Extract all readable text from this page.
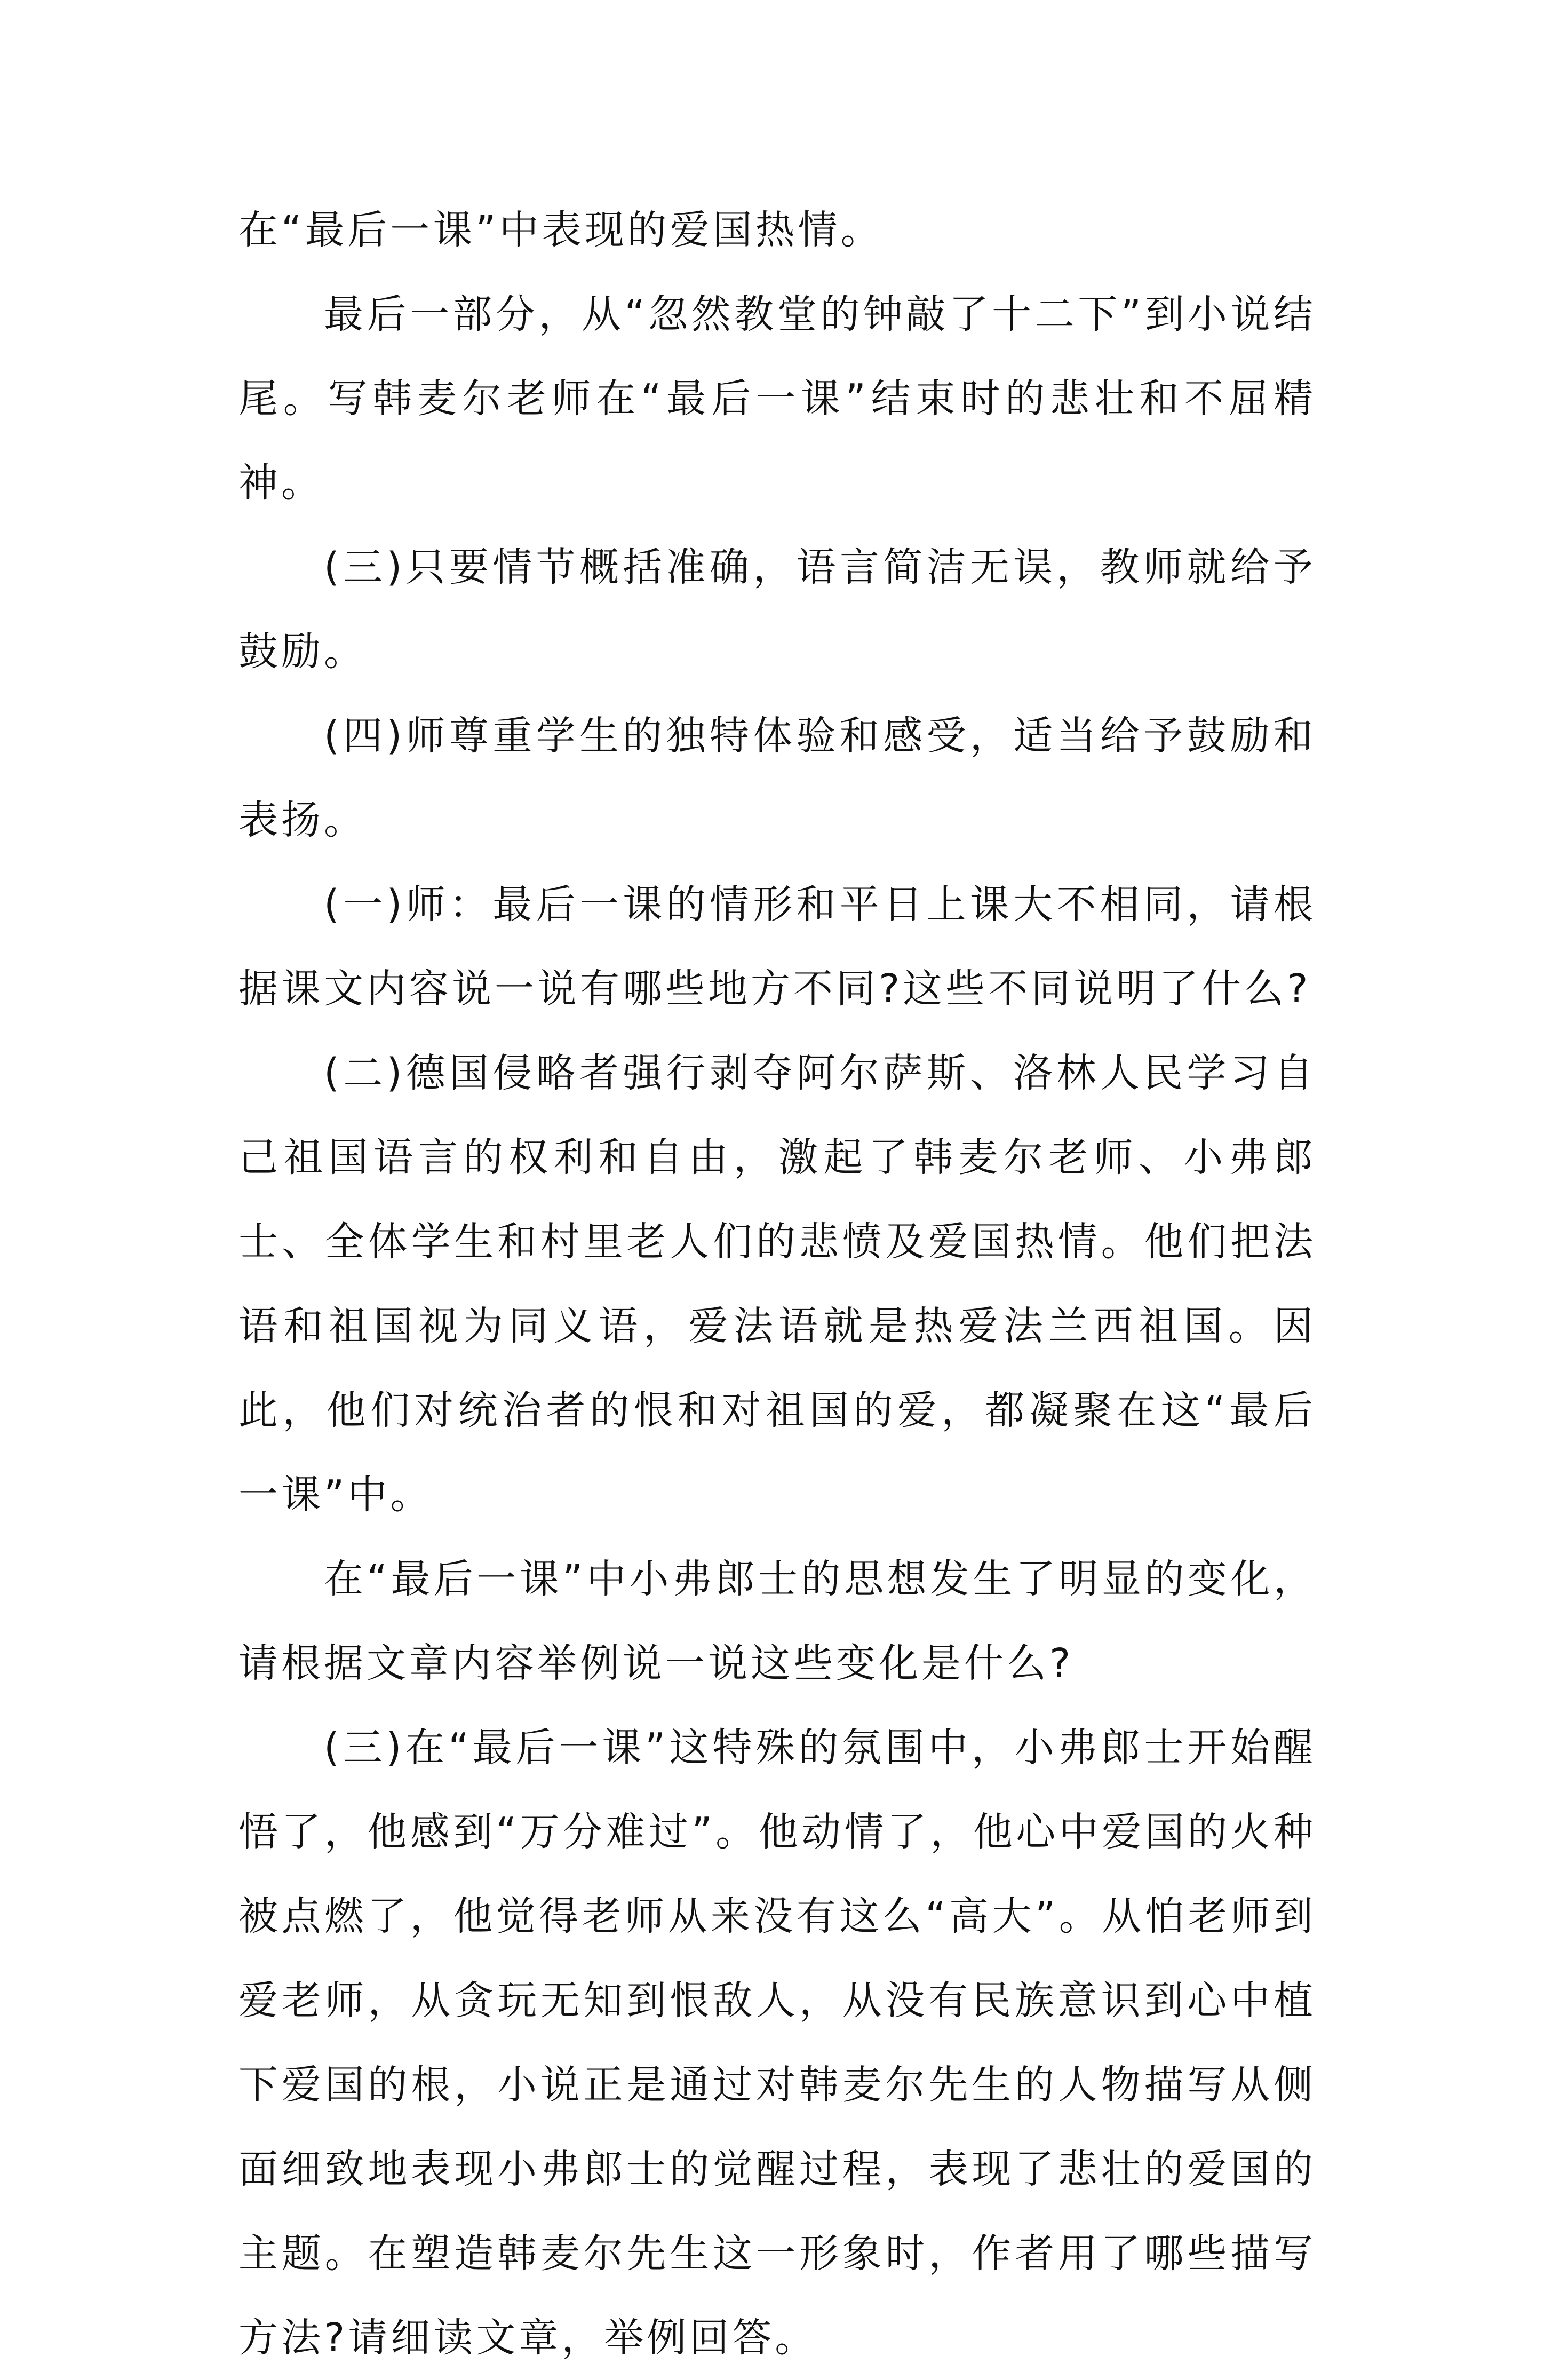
在“最后一课”中表现的爱国热情。

最后一部分，从“忽然教堂的钟敲了十二下”到小说结尾。写韩麦尔老师在“最后一课”结束时的悲壮和不屈精神。

(三)只要情节概括准确，语言简洁无误，教师就给予鼓励。

(四)师尊重学生的独特体验和感受，适当给予鼓励和表扬。

(一)师：最后一课的情形和平日上课大不相同，请根据课文内容说一说有哪些地方不同?这些不同说明了什么?

(二)德国侵略者强行剥夺阿尔萨斯、洛林人民学习自己祖国语言的权利和自由，激起了韩麦尔老师、小弗郎士、全体学生和村里老人们的悲愤及爱国热情。他们把法语和祖国视为同义语，爱法语就是热爱法兰西祖国。因此，他们对统治者的恨和对祖国的爱，都凝聚在这“最后一课”中。

在“最后一课”中小弗郎士的思想发生了明显的变化，请根据文章内容举例说一说这些变化是什么?

(三)在“最后一课”这特殊的氛围中，小弗郎士开始醒悟了，他感到“万分难过”。他动情了，他心中爱国的火种被点燃了，他觉得老师从来没有这么“高大”。从怕老师到爱老师，从贪玩无知到恨敌人，从没有民族意识到心中植下爱国的根，小说正是通过对韩麦尔先生的人物描写从侧面细致地表现小弗郎士的觉醒过程，表现了悲壮的爱国的主题。在塑造韩麦尔先生这一形象时，作者用了哪些描写方法?请细读文章，举例回答。
